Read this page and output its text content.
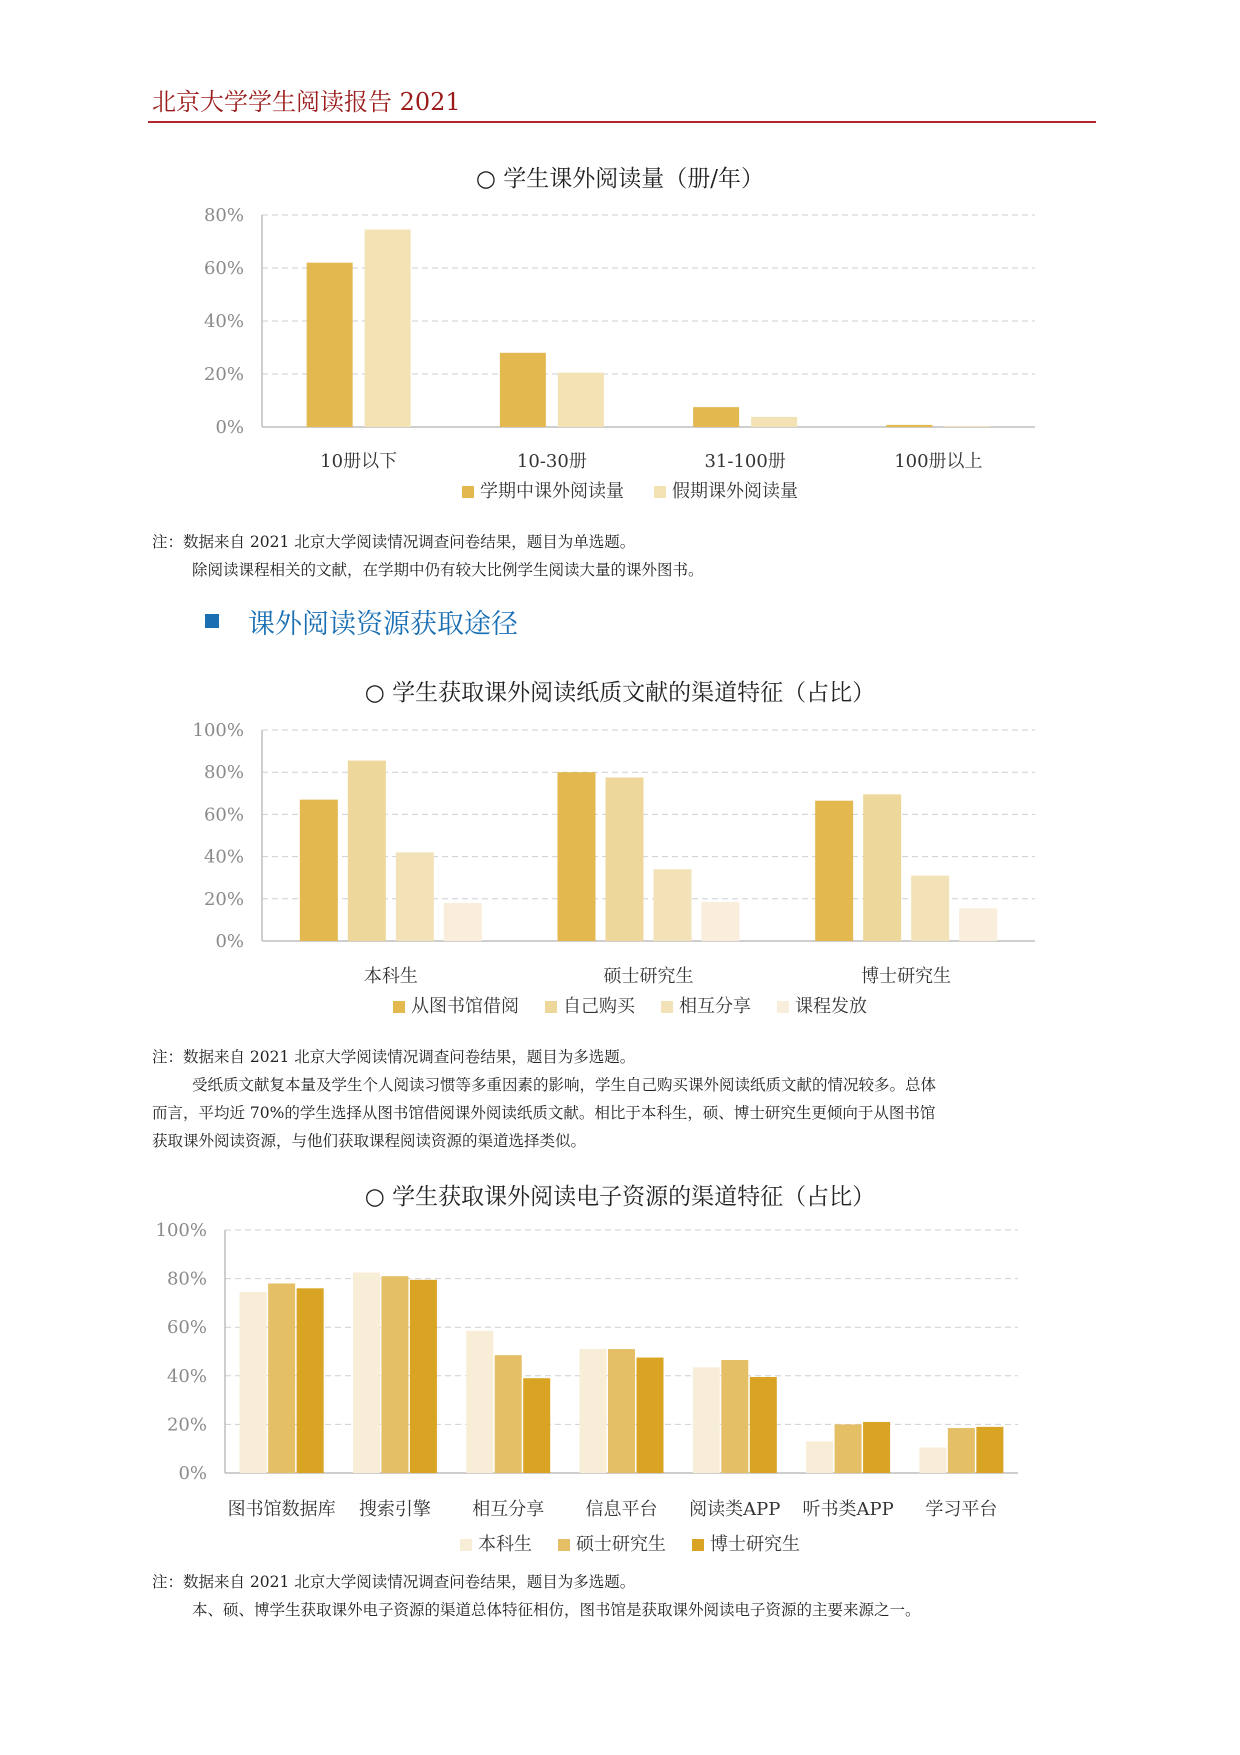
北京大学学生阅读报告 2021
○ 学生课外阅读量（册/年）
0%
20%
40%
60%
80%
10册以下	10-30册	31-100册	100册以上
学期中课外阅读量	假期课外阅读量

注：数据来自 2021 北京大学阅读情况调查问卷结果，题目为单选题。

除阅读课程相关的文献，在学期中仍有较大比例学生阅读大量的课外图书。

课外阅读资源获取途径
○ 学生获取课外阅读纸质文献的渠道特征（占比）
0%
20%
40%
60%
80%
100%
本科生	硕士研究生	博士研究生
从图书馆借阅 自己购买 相互分享 课程发放

注：数据来自 2021 北京大学阅读情况调查问卷结果，题目为多选题。

受纸质文献复本量及学生个人阅读习惯等多重因素的影响，学生自己购买课外阅读纸质文献的情况较多。总体

而言，平均近 70%的学生选择从图书馆借阅课外阅读纸质文献。相比于本科生，硕、博士研究生更倾向于从图书馆

获取课外阅读资源，与他们获取课程阅读资源的渠道选择类似。

○ 学生获取课外阅读电子资源的渠道特征（占比）
0%
20%
40%
60%
80%
100%
图书馆数据库 搜索引擎 相互分享 信息平台 阅读类APP 听书类APP 学习平台
本科生 硕士研究生 博士研究生

注：数据来自 2021 北京大学阅读情况调查问卷结果，题目为多选题。

本、硕、博学生获取课外电子资源的渠道总体特征相仿，图书馆是获取课外阅读电子资源的主要来源之一。
